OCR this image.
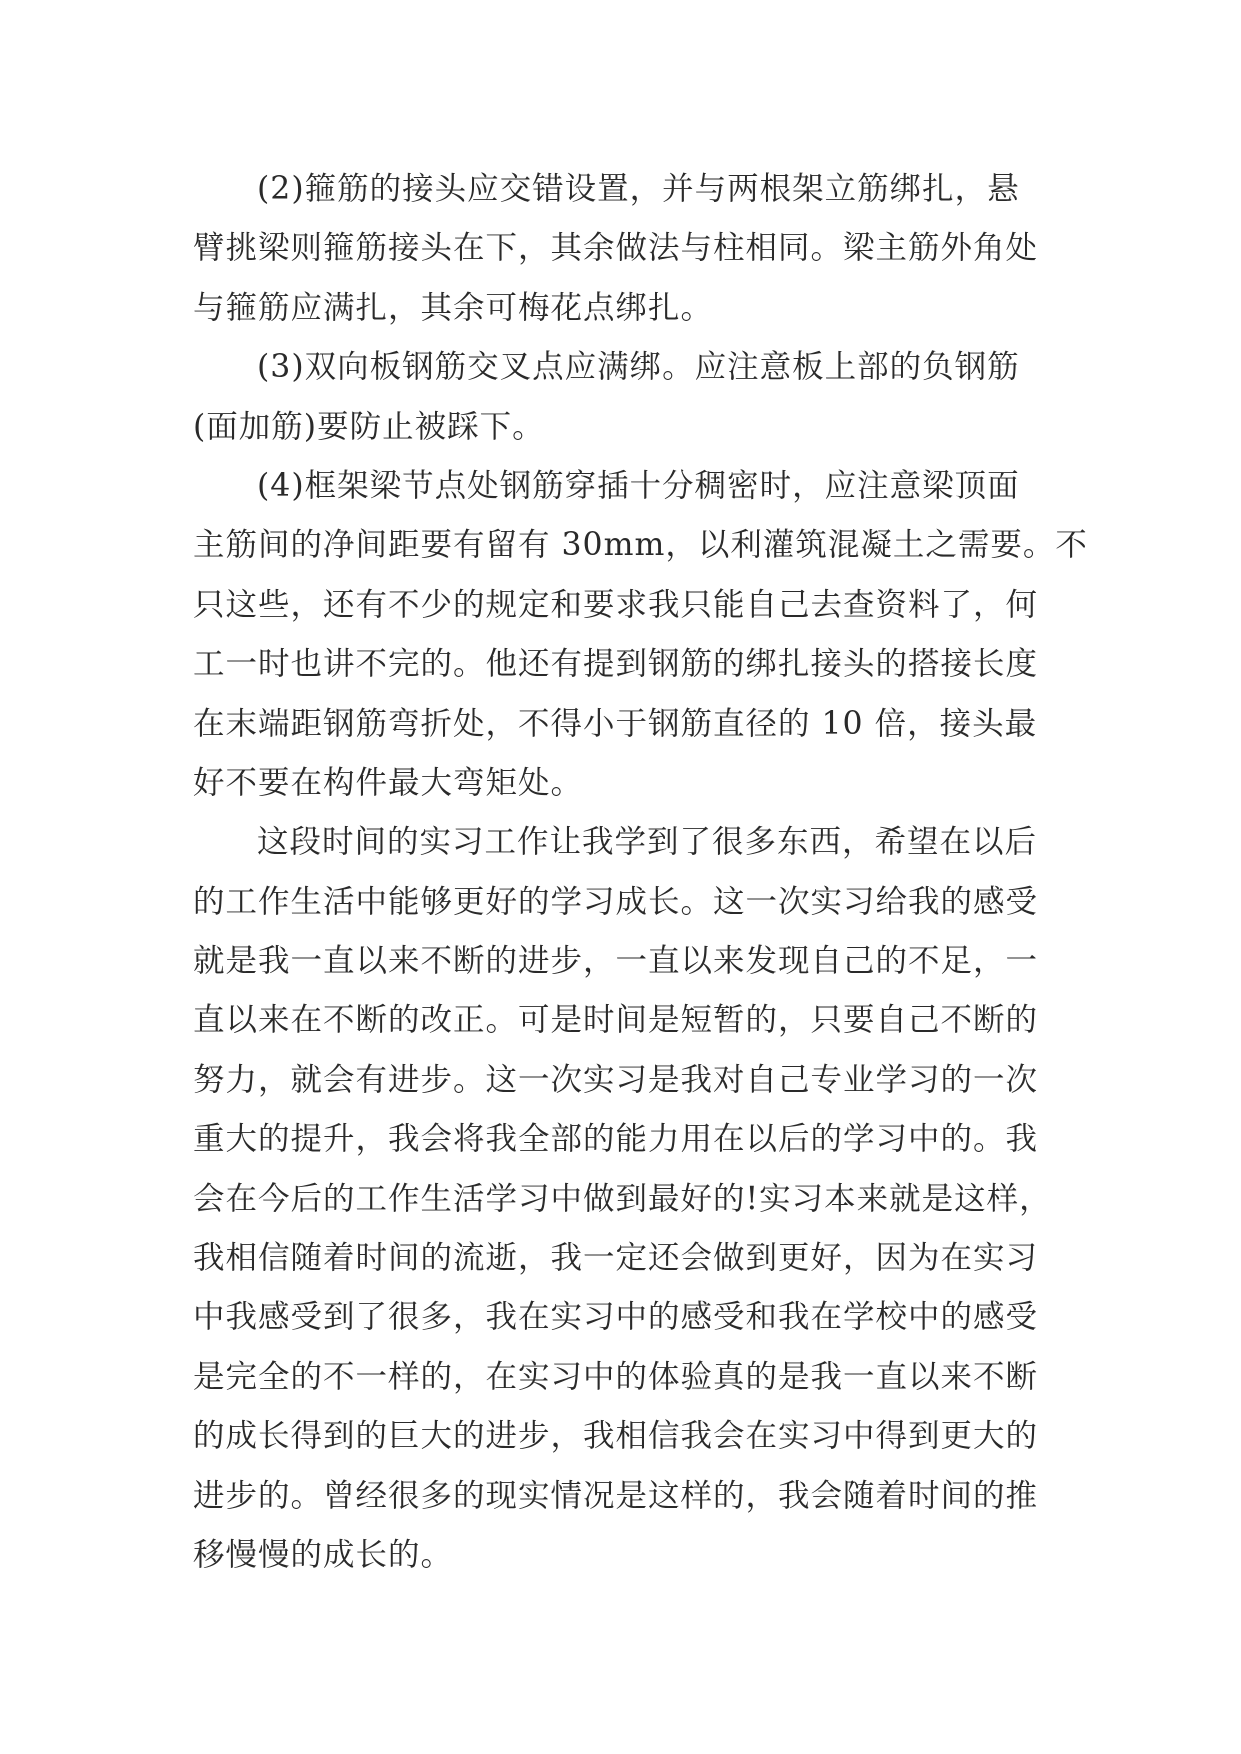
(2)箍筋的接头应交错设置，并与两根架立筋绑扎，悬
臂挑梁则箍筋接头在下，其余做法与柱相同。梁主筋外角处
与箍筋应满扎，其余可梅花点绑扎。
(3)双向板钢筋交叉点应满绑。应注意板上部的负钢筋
(面加筋)要防止被踩下。
(4)框架梁节点处钢筋穿插十分稠密时，应注意梁顶面
主筋间的净间距要有留有 30mm，以利灌筑混凝土之需要。不
只这些，还有不少的规定和要求我只能自己去查资料了，何
工一时也讲不完的。他还有提到钢筋的绑扎接头的搭接长度
在末端距钢筋弯折处，不得小于钢筋直径的 10 倍，接头最
好不要在构件最大弯矩处。
这段时间的实习工作让我学到了很多东西，希望在以后
的工作生活中能够更好的学习成长。这一次实习给我的感受
就是我一直以来不断的进步，一直以来发现自己的不足，一
直以来在不断的改正。可是时间是短暂的，只要自己不断的
努力，就会有进步。这一次实习是我对自己专业学习的一次
重大的提升，我会将我全部的能力用在以后的学习中的。我
会在今后的工作生活学习中做到最好的!实习本来就是这样，
我相信随着时间的流逝，我一定还会做到更好，因为在实习
中我感受到了很多，我在实习中的感受和我在学校中的感受
是完全的不一样的，在实习中的体验真的是我一直以来不断
的成长得到的巨大的进步，我相信我会在实习中得到更大的
进步的。曾经很多的现实情况是这样的，我会随着时间的推
移慢慢的成长的。
